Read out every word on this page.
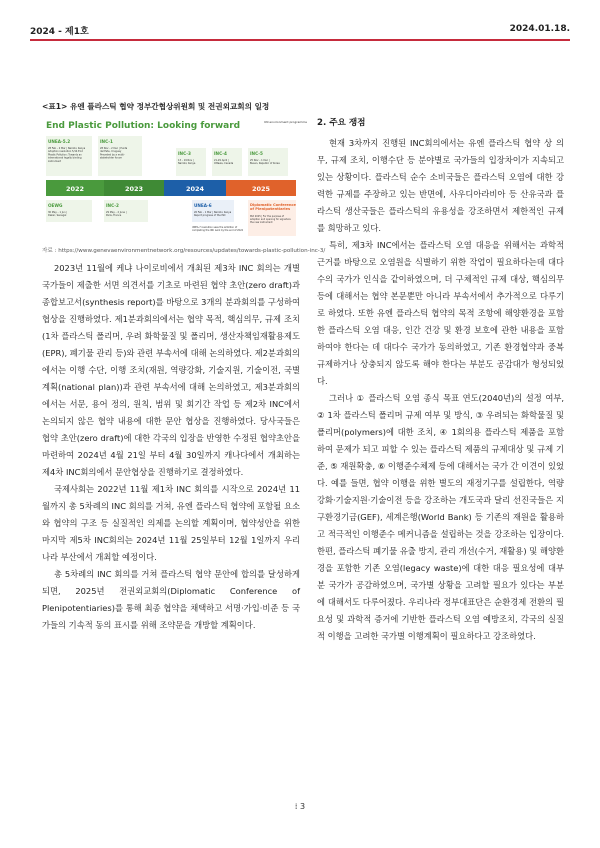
2024 - 제1호	2024.01.18.
<표1> 유엔 플라스틱 협약 정부간협상위원회 및 전권외교회의 일정
End Plastic Pollution: Looking forward	UN environment programme
UNEA-5.2
28 Feb – 2 Mar | Nairobi, Kenya Adoption resolution 5/14 End Plastic Pollution: Towards an international legally binding instrument
INC-1
28 Nov – 2 Dec | Punta del Este, Uruguay Preceded by a multi- stakeholder forum
INC-3
13 – 19 Nov | Nairobi, Kenya
INC-4
21-29 April | Ottawa, Canada
INC-5
25 Nov – 1 Dec | Busan, Republic of Korea
2022	2023	2024	2025
OEWG
30 May – 1 Jun | Dakar, Senegal
INC-2
29 May – 2 June | Paris, France
UNEA-6
26 Feb – 1 Mar | Nairobi, Kenya Report progress of the INC
Diplomatic Conference of Plenipotentiaries
Mid 2025 | For the purpose of adoption and opening for signature the new instrument
UNEA-7 resolution sees the ambition of completing the INC work by the end of 2024
자료 : https://www.genevaenvironmentnetwork.org/resources/updates/towards-plastic-pollution-inc-3/

2023년 11월에 케냐 나이로비에서 개최된 제3차 INC 회의는 개별 국가들이 제출한 서면 의견서를 기초로 마련된 협약 초안(zero draft)과 종합보고서(synthesis report)를 바탕으로 3개의 분과회의를 구성하여 협상을 진행하였다. 제1분과회의에서는 협약 목적, 핵심의무, 규제 조치(1차 플라스틱 폴리머, 우려 화학물질 및 폴리머, 생산자책임재활용제도(EPR), 폐기물 관리 등)와 관련 부속서에 대해 논의하였다. 제2분과회의에서는 이행 수단, 이행 조치(재원, 역량강화, 기술지원, 기술이전, 국별계획(national plan))과 관련 부속서에 대해 논의하였고, 제3분과회의에서는 서문, 용어 정의, 원칙, 범위 및 회기간 작업 등 제2차 INC에서 논의되지 않은 협약 내용에 대한 문안 협상을 진행하였다. 당사국들은 협약 초안(zero draft)에 대한 각국의 입장을 반영한 수정된 협약초안을 마련하여 2024년 4월 21일 부터 4월 30일까지 캐나다에서 개최하는 제4차 INC회의에서 문안협상을 진행하기로 결정하였다.

국제사회는 2022년 11월 제1차 INC 회의를 시작으로 2024년 11월까지 총 5차례의 INC 회의를 거쳐, 유엔 플라스틱 협약에 포함될 요소와 협약의 구조 등 실질적인 의제를 논의할 계획이며, 협약성안을 위한 마지막 제5차 INC회의는 2024년 11월 25일부터 12월 1일까지 우리나라 부산에서 개최할 예정이다.

총 5차례의 INC 회의를 거쳐 플라스틱 협약 문안에 합의를 달성하게 되면, 2025년 전권외교회의(Diplomatic Conference of Plenipotentiaries)를 통해 최종 협약을 채택하고 서명·가입·비준 등 국가들의 기속적 동의 표시를 위해 조약문을 개방할 계획이다.

2. 주요 쟁점

현재 3차까지 진행된 INC회의에서는 유엔 플라스틱 협약 상 의무, 규제 조치, 이행수단 등 분야별로 국가들의 입장차이가 지속되고 있는 상황이다. 플라스틱 순수 소비국들은 플라스틱 오염에 대한 강력한 규제를 주장하고 있는 반면에, 사우디아라비아 등 산유국과 플라스틱 생산국들은 플라스틱의 유용성을 강조하면서 제한적인 규제를 희망하고 있다.

특히, 제3차 INC에서는 플라스틱 오염 대응을 위해서는 과학적 근거를 바탕으로 오염원을 식별하기 위한 작업이 필요하다는데 대다수의 국가가 인식을 같이하였으며, 더 구체적인 규제 대상, 핵심의무 등에 대해서는 협약 본문뿐만 아니라 부속서에서 추가적으로 다루기로 하였다. 또한 유엔 플라스틱 협약의 목적 조항에 해양환경을 포함한 플라스틱 오염 대응, 인간 건강 및 환경 보호에 관한 내용을 포함하여야 한다는 데 대다수 국가가 동의하였고, 기존 환경협약과 중복 규제하거나 상충되지 않도록 해야 한다는 부분도 공감대가 형성되었다.

그러나 ① 플라스틱 오염 종식 목표 연도(2040년)의 설정 여부, ② 1차 플라스틱 폴리머 규제 여부 및 방식, ③ 우려되는 화학물질 및 폴리머(polymers)에 대한 조치, ④ 1회의용 플라스틱 제품을 포함하여 문제가 되고 피할 수 있는 플라스틱 제품의 규제대상 및 규제 기준, ⑤ 재원확충, ⑥ 이행준수체제 등에 대해서는 국가 간 이견이 있었다. 예를 들면, 협약 이행을 위한 별도의 재정기구를 설립한다, 역량강화·기술지원·기술이전 등을 강조하는 개도국과 달리 선진국들은 지구환경기금(GEF), 세계은행(World Bank) 등 기존의 재원을 활용하고 적극적인 이행준수 메커니즘을 설립하는 것을 강조하는 입장이다. 한편, 플라스틱 폐기물 유출 방지, 관리 개선(수거, 재활용) 및 해양환경을 포함한 기존 오염(legacy waste)에 대한 대응 필요성에 대부분 국가가 공감하였으며, 국가별 상황을 고려할 필요가 있다는 부분에 대해서도 다루어졌다. 우리나라 정부대표단은 순환경제 전환의 필요성 및 과학적 증거에 기반한 플라스틱 오염 예방조치, 각국의 실질적 이행을 고려한 국가별 이행계획이 필요하다고 강조하였다.

⁞ 3
